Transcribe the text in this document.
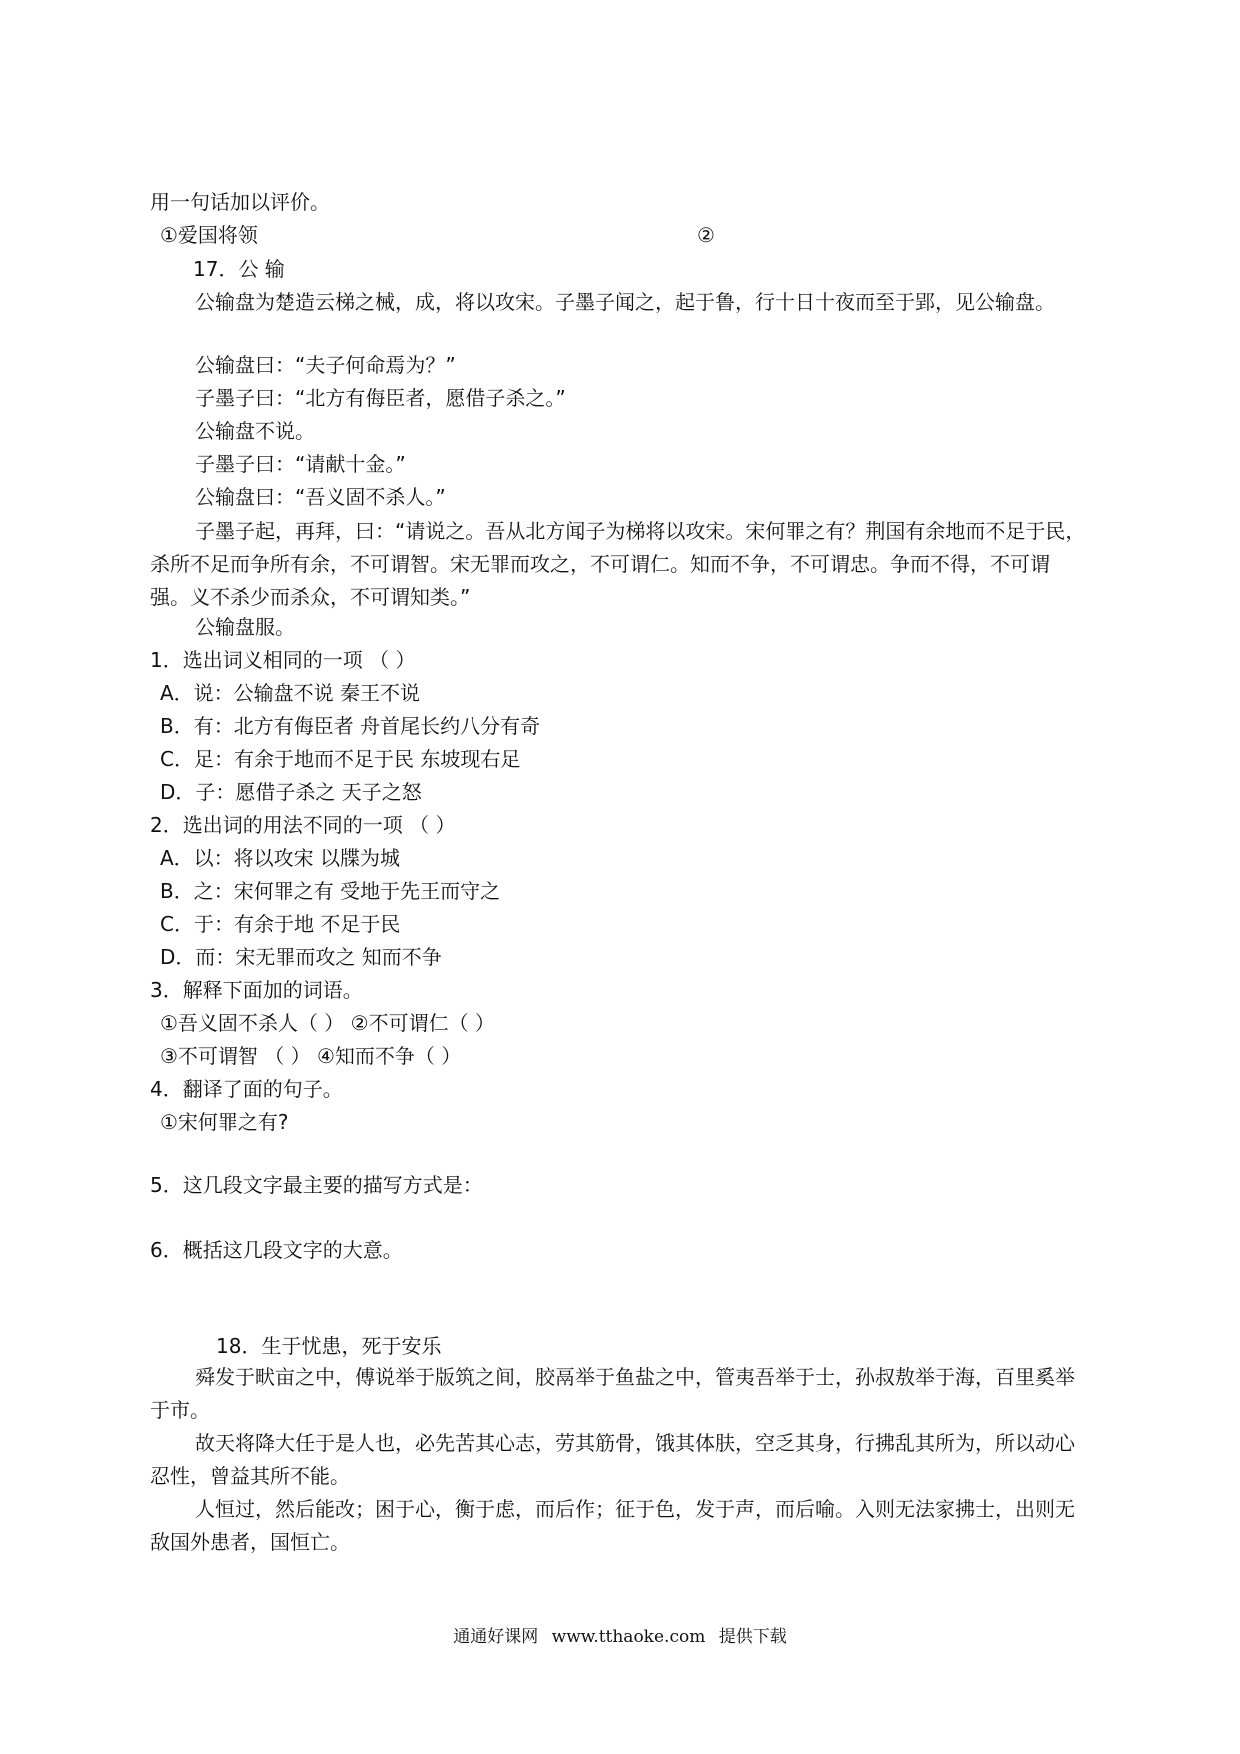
用一句话加以评价。
①爱国将领	②
17．公 输

公输盘为楚造云梯之械，成，将以攻宋。子墨子闻之，起于鲁，行十日十夜而至于郢，见公输盘。

公输盘曰：“夫子何命焉为？”
子墨子曰：“北方有侮臣者，愿借子杀之。”
公输盘不说。
子墨子曰：“请献十金。”
公输盘曰：“吾义固不杀人。”

子墨子起，再拜，曰：“请说之。吾从北方闻子为梯将以攻宋。宋何罪之有？荆国有余地而不足于民，杀所不足而争所有余，不可谓智。宋无罪而攻之，不可谓仁。知而不争，不可谓忠。争而不得，不可谓强。义不杀少而杀众，不可谓知类。”

公输盘服。
1．选出词义相同的一项 （ ）
A．说：公输盘不说 秦王不说
B．有：北方有侮臣者 舟首尾长约八分有奇
C．足：有余于地而不足于民 东坡现右足
D．子：愿借子杀之 天子之怒
2．选出词的用法不同的一项 （ ）
A．以：将以攻宋 以牒为城
B．之：宋何罪之有 受地于先王而守之
C．于：有余于地 不足于民
D．而：宋无罪而攻之 知而不争
3．解释下面加的词语。
①吾义固不杀人（ ） ②不可谓仁（ ）
③不可谓智 （ ） ④知而不争（ ）
4．翻译了面的句子。
①宋何罪之有?
5．这几段文字最主要的描写方式是：
6．概括这几段文字的大意。
18．生于忧患，死于安乐

舜发于畎亩之中，傅说举于版筑之间，胶鬲举于鱼盐之中，管夷吾举于士，孙叔敖举于海，百里奚举于市。

故天将降大任于是人也，必先苦其心志，劳其筋骨，饿其体肤，空乏其身，行拂乱其所为，所以动心忍性，曾益其所不能。

人恒过，然后能改；困于心，衡于虑，而后作；征于色，发于声，而后喻。入则无法家拂士，出则无敌国外患者，国恒亡。

通通好课网 www.tthaoke.com 提供下载
